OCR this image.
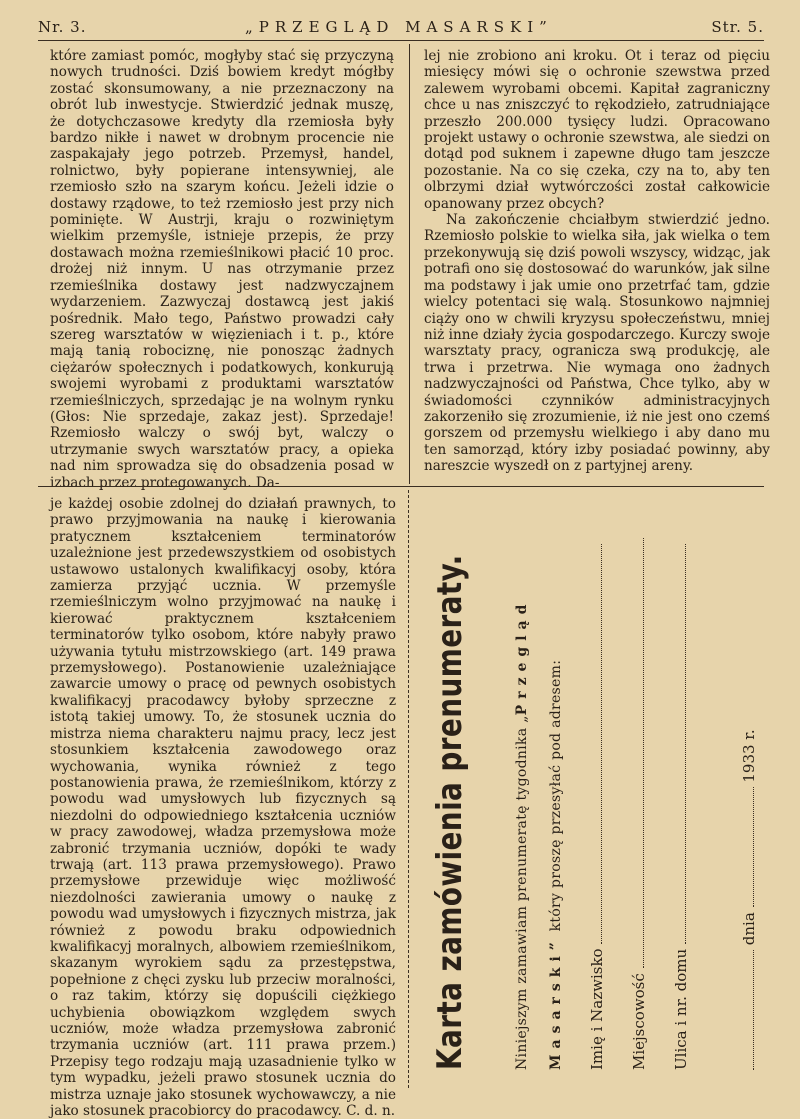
Nr. 3.	„PRZEGLĄD MASARSKI”	Str. 5.

które zamiast pomóc, mogłyby stać się przyczyną nowych trudności. Dziś bowiem kredyt mógłby zostać skonsumowany, a nie przeznaczony na obrót lub inwestycje. Stwierdzić jednak muszę, że dotychczasowe kredyty dla rzemiosła były bardzo nikłe i nawet w drobnym procencie nie zaspakajały jego potrzeb. Przemysł, handel, rolnictwo, były popierane intensywniej, ale rzemiosło szło na szarym końcu. Jeżeli idzie o dostawy rządowe, to też rzemiosło jest przy nich pominięte. W Austrji, kraju o rozwiniętym wielkim przemyśle, istnieje przepis, że przy dostawach można rzemieślnikowi płacić 10 proc. drożej niż innym. U nas otrzymanie przez rzemieślnika dostawy jest nadzwyczajnem wydarzeniem. Zazwyczaj dostawcą jest jakiś pośrednik. Mało tego, Państwo prowadzi cały szereg warsztatów w więzieniach i t. p., które mają tanią robociznę, nie ponosząc żadnych ciężarów społecznych i podatkowych, konkurują swojemi wyrobami z produktami warsztatów rzemieślniczych, sprzedając je na wolnym rynku (Głos: Nie sprzedaje, zakaz jest). Sprzedaje! Rzemiosło walczy o swój byt, walczy o utrzymanie swych warsztatów pracy, a opieka nad nim sprowadza się do obsadzenia posad w izbach przez protegowanych. Da-

lej nie zrobiono ani kroku. Ot i teraz od pięciu miesięcy mówi się o ochronie szewstwa przed zalewem wyrobami obcemi. Kapitał zagraniczny chce u nas zniszczyć to rękodzieło, zatrudniające przeszło 200.000 tysięcy ludzi. Opracowano projekt ustawy o ochronie szewstwa, ale siedzi on dotąd pod suknem i zapewne długo tam jeszcze pozostanie. Na co się czeka, czy na to, aby ten olbrzymi dział wytwórczości został całkowicie opanowany przez obcych?

Na zakończenie chciałbym stwierdzić jedno. Rzemiosło polskie to wielka siła, jak wielka o tem przekonywują się dziś powoli wszyscy, widząc, jak potrafi ono się dostosować do warunków, jak silne ma podstawy i jak umie ono przetrfać tam, gdzie wielcy potentaci się walą. Stosunkowo najmniej ciąży ono w chwili kryzysu społeczeństwu, mniej niż inne działy życia gospodarczego. Kurczy swoje warsztaty pracy, ogranicza swą produkcję, ale trwa i przetrwa. Nie wymaga ono żadnych nadzwyczajności od Państwa, Chce tylko, aby w świadomości czynników administracyjnych zakorzeniło się zrozumienie, iż nie jest ono czemś gorszem od przemysłu wielkiego i aby dano mu ten samorząd, który izby posiadać powinny, aby nareszcie wyszedł on z partyjnej areny.

je każdej osobie zdolnej do działań prawnych, to prawo przyjmowania na naukę i kierowania pratycznem kształceniem terminatorów uzależnione jest przedewszystkiem od osobistych ustawowo ustalonych kwalifikacyj osoby, która zamierza przyjąć ucznia. W przemyśle rzemieślniczym wolno przyjmować na naukę i kierować praktycznem kształceniem terminatorów tylko osobom, które nabyły prawo używania tytułu mistrzowskiego (art. 149 prawa przemysłowego). Postanowienie uzależniające zawarcie umowy o pracę od pewnych osobistych kwalifikacyj pracodawcy byłoby sprzeczne z istotą takiej umowy. To, że stosunek ucznia do mistrza niema charakteru najmu pracy, lecz jest stosunkiem kształcenia zawodowego oraz wychowania, wynika również z tego postanowienia prawa, że rzemieślnikom, którzy z powodu wad umysłowych lub fizycznych są niezdolni do odpowiedniego kształcenia uczniów w pracy zawodowej, władza przemysłowa może zabronić trzymania uczniów, dopóki te wady trwają (art. 113 prawa przemysłowego). Prawo przemysłowe przewiduje więc możliwość niezdolności zawierania umowy o naukę z powodu wad umysłowych i fizycznych mistrza, jak również z powodu braku odpowiednich kwalifikacyj moralnych, albowiem rzemieślnikom, skazanym wyrokiem sądu za przestępstwa, popełnione z chęci zysku lub przeciw moralności, o raz takim, którzy się dopuścili ciężkiego uchybienia obowiązkom względem swych uczniów, może władza przemysłowa zabronić trzymania uczniów (art. 111 prawa przem.) Przepisy tego rodzaju mają uzasadnienie tylko w tym wypadku, jeżeli prawo stosunek ucznia do mistrza uznaje jako stosunek wychowawczy, a nie jako stosunek pracobiorcy do pracodawcy. C. d. n.

Karta zamówienia prenumeraty.	Niniejszym zamawiam prenumeratę tygodnika „Przegląd
Masarski” który proszę przesyłać pod adresem:
Imię i Nazwisko Miejscowość Ulica i nr. domu
dnia  1933 r.
